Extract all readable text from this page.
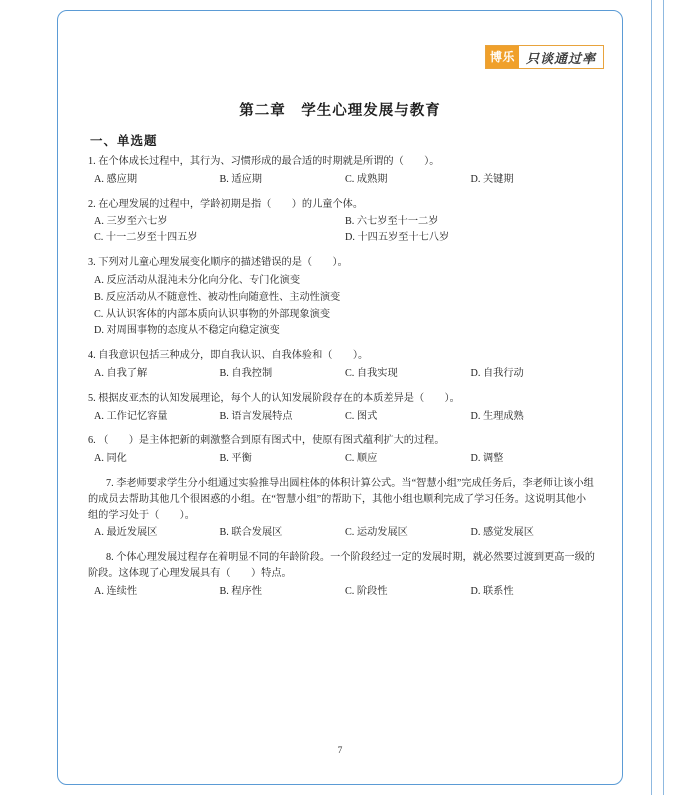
博乐 只谈通过率
第二章　学生心理发展与教育
一、单选题

1. 在个体成长过程中，其行为、习惯形成的最合适的时期就是所谓的（　　）。

A. 感应期	B. 适应期	C. 成熟期	D. 关键期

2. 在心理发展的过程中，学龄初期是指（　　）的儿童个体。

A. 三岁至六七岁	B. 六七岁至十一二岁
C. 十一二岁至十四五岁	D. 十四五岁至十七八岁

3. 下列对儿童心理发展变化顺序的描述错误的是（　　）。

A. 反应活动从混沌未分化向分化、专门化演变
B. 反应活动从不随意性、被动性向随意性、主动性演变
C. 从认识客体的内部本质向认识事物的外部现象演变
D. 对周围事物的态度从不稳定向稳定演变

4. 自我意识包括三种成分，即自我认识、自我体验和（　　）。

A. 自我了解	B. 自我控制	C. 自我实现	D. 自我行动

5. 根据皮亚杰的认知发展理论，每个人的认知发展阶段存在的本质差异是（　　）。

A. 工作记忆容量	B. 语言发展特点	C. 图式	D. 生理成熟

6. （　　）是主体把新的刺激整合到原有图式中，使原有图式蕴利扩大的过程。

A. 同化	B. 平衡	C. 顺应	D. 调整

7. 李老师要求学生分小组通过实验推导出圆柱体的体积计算公式。当“智慧小组”完成任务后，李老师让该小组的成员去帮助其他几个很困惑的小组。在“智慧小组”的帮助下，其他小组也顺利完成了学习任务。这说明其他小组的学习处于（　　）。

A. 最近发展区	B. 联合发展区	C. 运动发展区	D. 感觉发展区

8. 个体心理发展过程存在着明显不同的年龄阶段。一个阶段经过一定的发展时期，就必然要过渡到更高一级的阶段。这体现了心理发展具有（　　）特点。

A. 连续性	B. 程序性	C. 阶段性	D. 联系性
7
